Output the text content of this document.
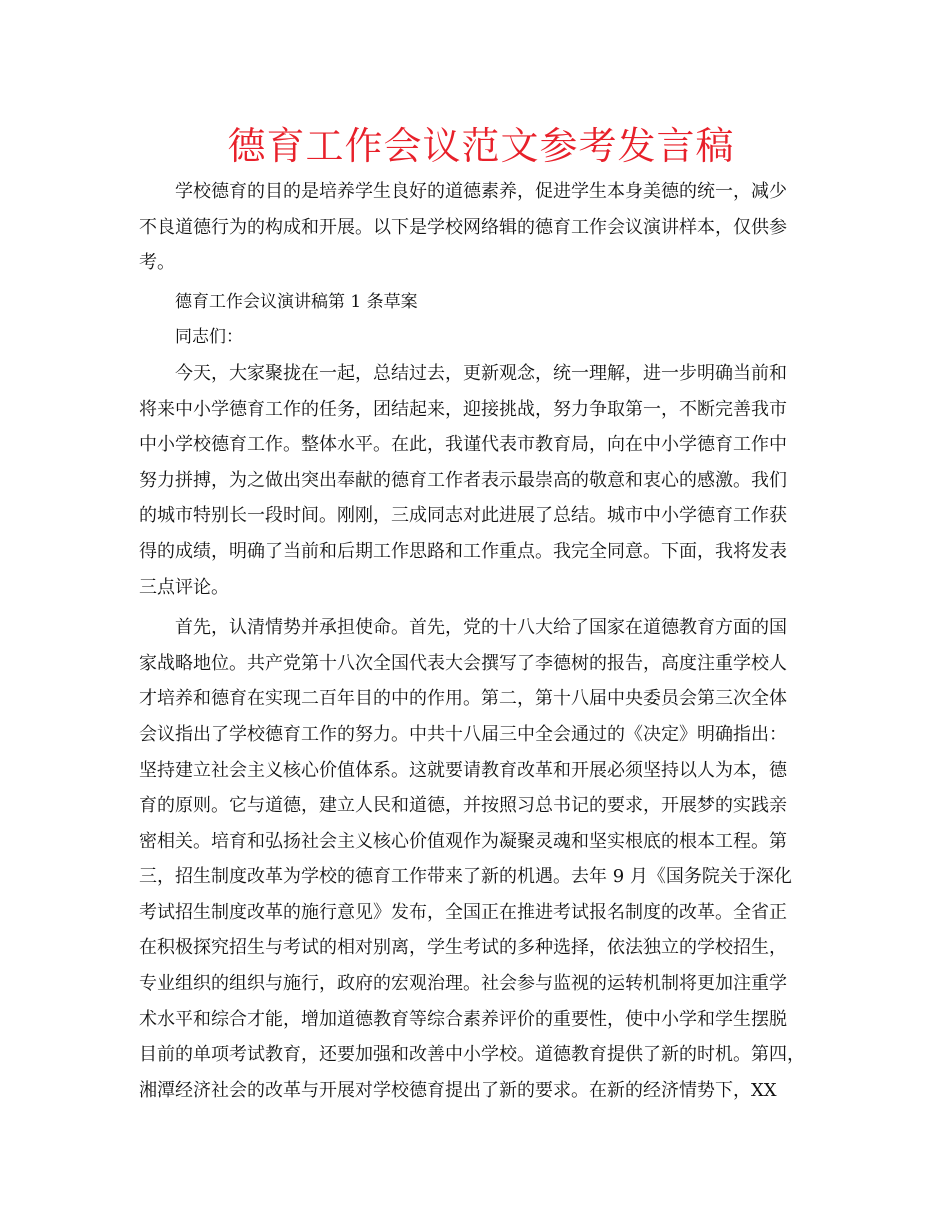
德育工作会议范文参考发言稿

学校德育的目的是培养学生良好的道德素养，促进学生本身美德的统一，减少
不良道德行为的构成和开展。以下是学校网络辑的德育工作会议演讲样本，仅供参
考。

德育工作会议演讲稿第 1 条草案

同志们：

今天，大家聚拢在一起，总结过去，更新观念，统一理解，进一步明确当前和
将来中小学德育工作的任务，团结起来，迎接挑战，努力争取第一，不断完善我市
中小学校德育工作。整体水平。在此，我谨代表市教育局，向在中小学德育工作中
努力拼搏，为之做出突出奉献的德育工作者表示最崇高的敬意和衷心的感激。我们
的城市特别长一段时间。刚刚，三成同志对此进展了总结。城市中小学德育工作获
得的成绩，明确了当前和后期工作思路和工作重点。我完全同意。下面，我将发表
三点评论。

首先，认清情势并承担使命。首先，党的十八大给了国家在道德教育方面的国
家战略地位。共产党第十八次全国代表大会撰写了李德树的报告，高度注重学校人
才培养和德育在实现二百年目的中的作用。第二，第十八届中央委员会第三次全体
会议指出了学校德育工作的努力。中共十八届三中全会通过的《决定》明确指出：
坚持建立社会主义核心价值体系。这就要请教育改革和开展必须坚持以人为本，德
育的原则。它与道德，建立人民和道德，并按照习总书记的要求，开展梦的实践亲
密相关。培育和弘扬社会主义核心价值观作为凝聚灵魂和坚实根底的根本工程。第
三，招生制度改革为学校的德育工作带来了新的机遇。去年 9 月《国务院关于深化
考试招生制度改革的施行意见》发布，全国正在推进考试报名制度的改革。全省正
在积极探究招生与考试的相对别离，学生考试的多种选择，依法独立的学校招生，
专业组织的组织与施行，政府的宏观治理。社会参与监视的运转机制将更加注重学
术水平和综合才能，增加道德教育等综合素养评价的重要性，使中小学和学生摆脱
目前的单项考试教育，还要加强和改善中小学校。道德教育提供了新的时机。第四，
湘潭经济社会的改革与开展对学校德育提出了新的要求。在新的经济情势下，XX
